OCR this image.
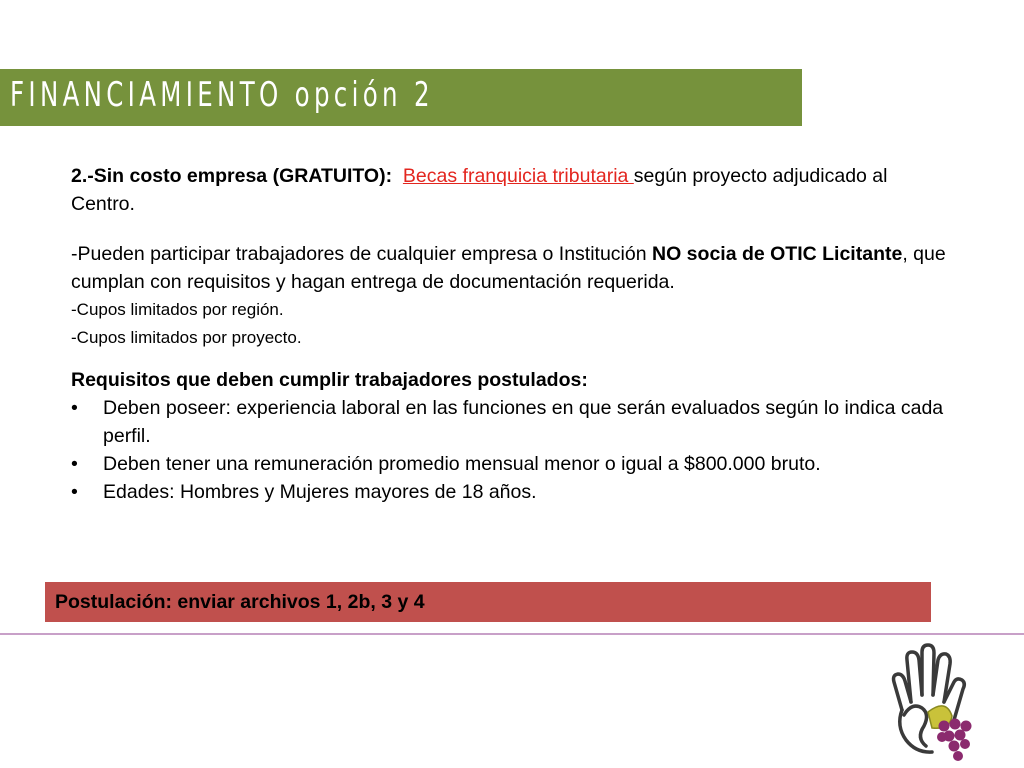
FINANCIAMIENTO opción 2

2.-Sin costo empresa (GRATUITO): Becas franquicia tributaria según proyecto adjudicado al Centro.

-Pueden participar trabajadores de cualquier empresa o Institución NO socia de OTIC Licitante, que cumplan con requisitos y hagan entrega de documentación requerida.

-Cupos limitados por región.

-Cupos limitados por proyecto.

Requisitos que deben cumplir trabajadores postulados:

• Deben poseer: experiencia laboral en las funciones en que serán evaluados según lo indica cada perfil.
• Deben tener una remuneración promedio mensual menor o igual a $800.000 bruto.
• Edades: Hombres y Mujeres mayores de 18 años.
Postulación: enviar archivos 1, 2b, 3 y 4
